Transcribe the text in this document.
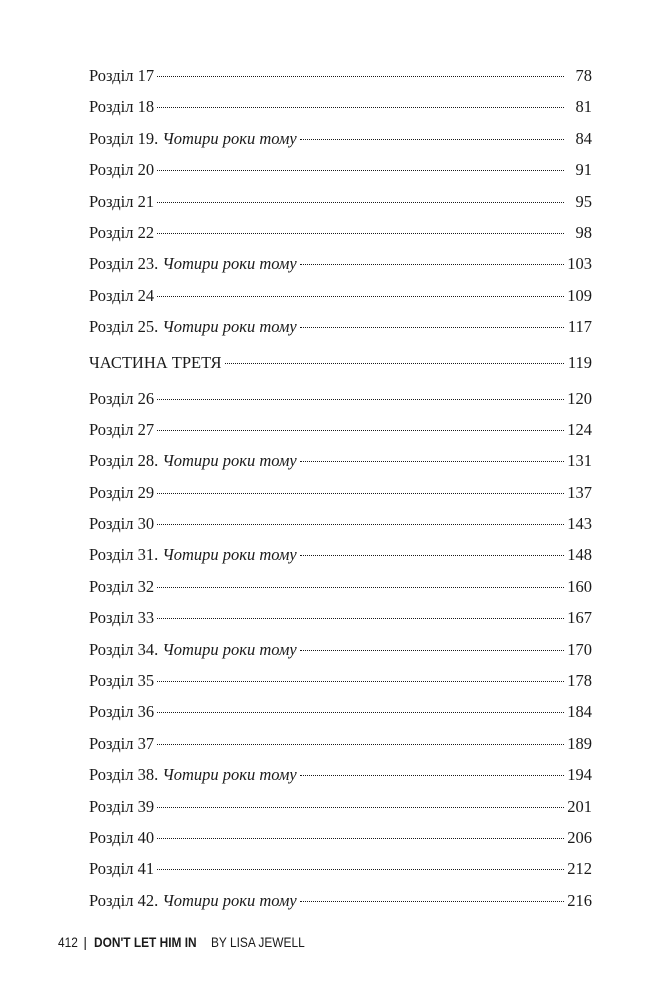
Розділ 17	78
Розділ 18	81
Розділ 19. Чотири роки тому	84
Розділ 20	91
Розділ 21	95
Розділ 22	98
Розділ 23. Чотири роки тому	103
Розділ 24	109
Розділ 25. Чотири роки тому	117
ЧАСТИНА ТРЕТЯ	119
Розділ 26	120
Розділ 27	124
Розділ 28. Чотири роки тому	131
Розділ 29	137
Розділ 30	143
Розділ 31. Чотири роки тому	148
Розділ 32	160
Розділ 33	167
Розділ 34. Чотири роки тому	170
Розділ 35	178
Розділ 36	184
Розділ 37	189
Розділ 38. Чотири роки тому	194
Розділ 39	201
Розділ 40	206
Розділ 41	212
Розділ 42. Чотири роки тому	216
412 | DON'T LET HIM IN BY LISA JEWELL
